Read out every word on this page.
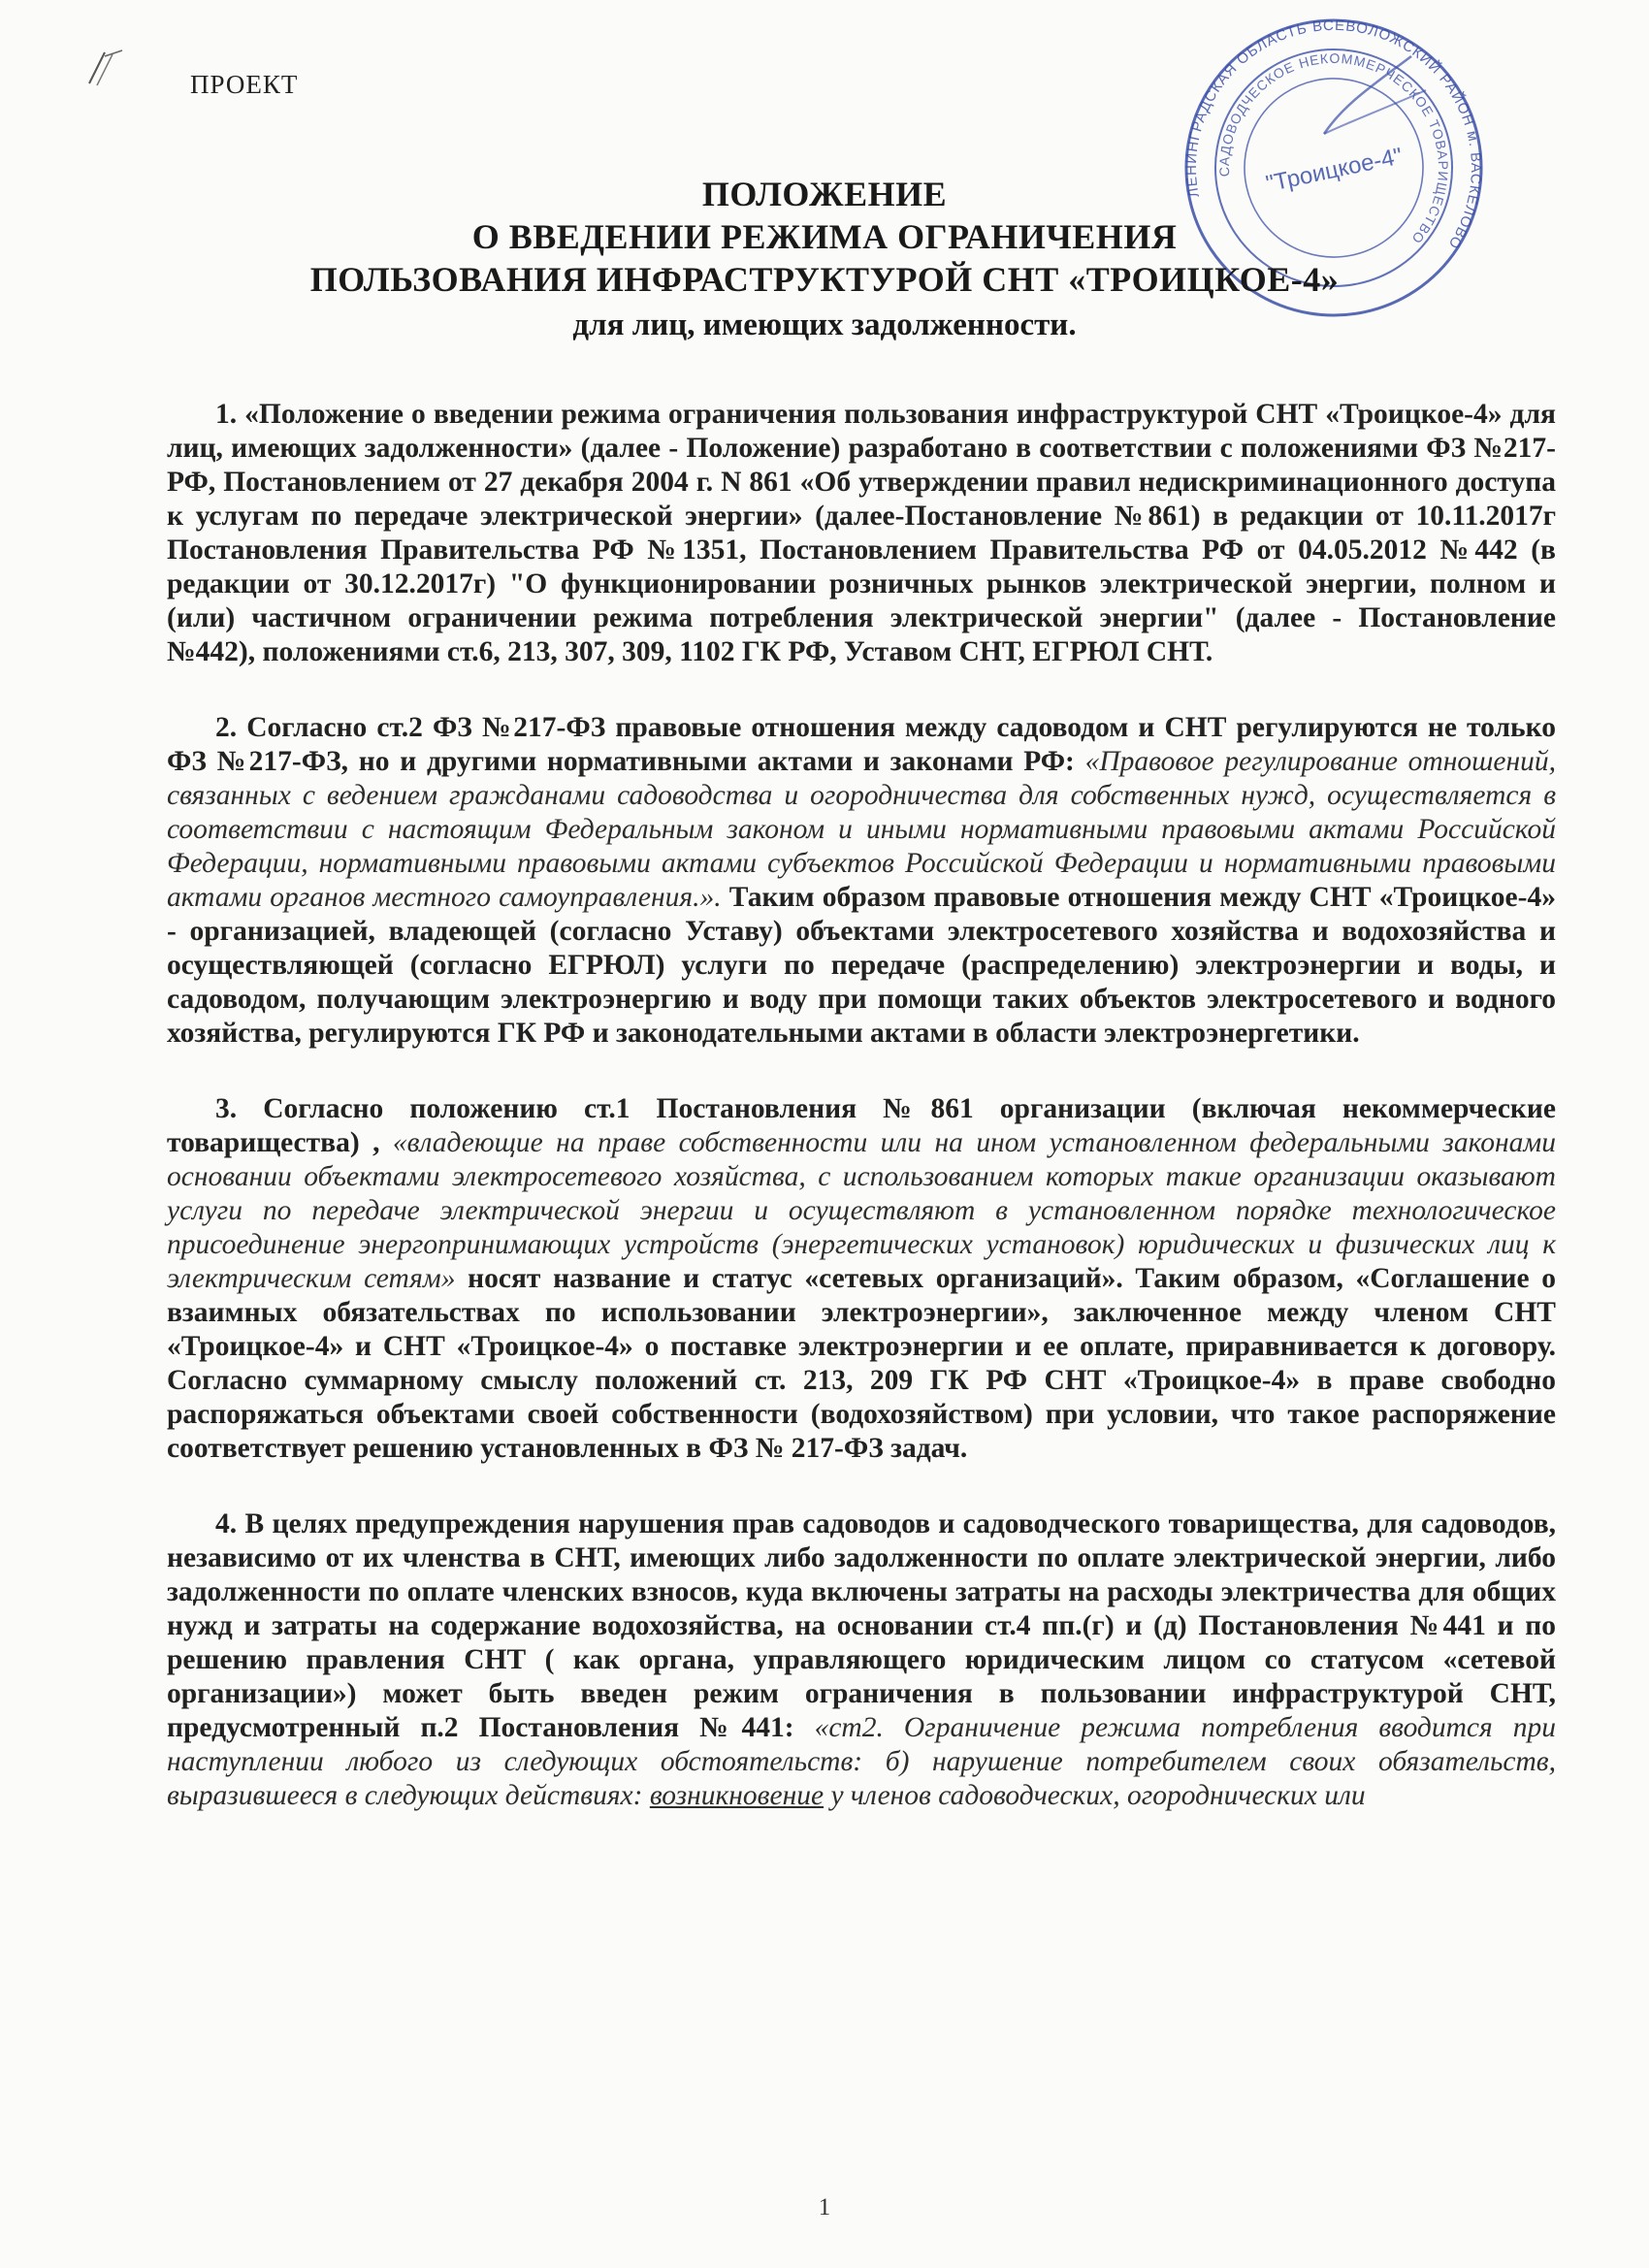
ПРОЕКТ
ЛЕНИНГРАДСКАЯ ОБЛАСТЬ ВСЕВОЛОЖСКИЙ РАЙОН м. ВАСКЕЛОВО
САДОВОДЧЕСКОЕ НЕКОММЕРЧЕСКОЕ ТОВАРИЩЕСТВО
"Троицкое-4"
ПОЛОЖЕНИЕ
О ВВЕДЕНИИ РЕЖИМА ОГРАНИЧЕНИЯ
ПОЛЬЗОВАНИЯ ИНФРАСТРУКТУРОЙ СНТ «ТРОИЦКОЕ-4»
для лиц, имеющих задолженности.

1. «Положение о введении режима ограничения пользования инфраструктурой СНТ «Троицкое-4» для лиц, имеющих задолженности» (далее - Положение) разработано в соответствии с положениями ФЗ №217-РФ, Постановлением от 27 декабря 2004 г. N 861 «Об утверждении правил недискриминационного доступа к услугам по передаче электрической энергии» (далее-Постановление №861) в редакции от 10.11.2017г Постановления Правительства РФ №1351, Постановлением Правительства РФ от 04.05.2012 №442 (в редакции от 30.12.2017г) "О функционировании розничных рынков электрической энергии, полном и (или) частичном ограничении режима потребления электрической энергии" (далее - Постановление №442), положениями ст.6, 213, 307, 309, 1102 ГК РФ, Уставом СНТ, ЕГРЮЛ СНТ.

2. Согласно ст.2 ФЗ №217-ФЗ правовые отношения между садоводом и СНТ регулируются не только ФЗ №217-ФЗ, но и другими нормативными актами и законами РФ: «Правовое регулирование отношений, связанных с ведением гражданами садоводства и огородничества для собственных нужд, осуществляется в соответствии с настоящим Федеральным законом и иными нормативными правовыми актами Российской Федерации, нормативными правовыми актами субъектов Российской Федерации и нормативными правовыми актами органов местного самоуправления.». Таким образом правовые отношения между СНТ «Троицкое-4» - организацией, владеющей (согласно Уставу) объектами электросетевого хозяйства и водохозяйства и осуществляющей (согласно ЕГРЮЛ) услуги по передаче (распределению) электроэнергии и воды, и садоводом, получающим электроэнергию и воду при помощи таких объектов электросетевого и водного хозяйства, регулируются ГК РФ и законодательными актами в области электроэнергетики.

3. Согласно положению ст.1 Постановления №861 организации (включая некоммерческие товарищества) , «владеющие на праве собственности или на ином установленном федеральными законами основании объектами электросетевого хозяйства, с использованием которых такие организации оказывают услуги по передаче электрической энергии и осуществляют в установленном порядке технологическое присоединение энергопринимающих устройств (энергетических установок) юридических и физических лиц к электрическим сетям» носят название и статус «сетевых организаций». Таким образом, «Соглашение о взаимных обязательствах по использовании электроэнергии», заключенное между членом СНТ «Троицкое-4» и СНТ «Троицкое-4» о поставке электроэнергии и ее оплате, приравнивается к договору. Согласно суммарному смыслу положений ст. 213, 209 ГК РФ СНТ «Троицкое-4» в праве свободно распоряжаться объектами своей собственности (водохозяйством) при условии, что такое распоряжение соответствует решению установленных в ФЗ № 217-ФЗ задач.

4. В целях предупреждения нарушения прав садоводов и садоводческого товарищества, для садоводов, независимо от их членства в СНТ, имеющих либо задолженности по оплате электрической энергии, либо задолженности по оплате членских взносов, куда включены затраты на расходы электричества для общих нужд и затраты на содержание водохозяйства, на основании ст.4 пп.(г) и (д) Постановления №441 и по решению правления СНТ ( как органа, управляющего юридическим лицом со статусом «сетевой организации») может быть введен режим ограничения в пользовании инфраструктурой СНТ, предусмотренный п.2 Постановления №441: «ст2. Ограничение режима потребления вводится при наступлении любого из следующих обстоятельств: б) нарушение потребителем своих обязательств, выразившееся в следующих действиях: возникновение у членов садоводческих, огороднических или

1
